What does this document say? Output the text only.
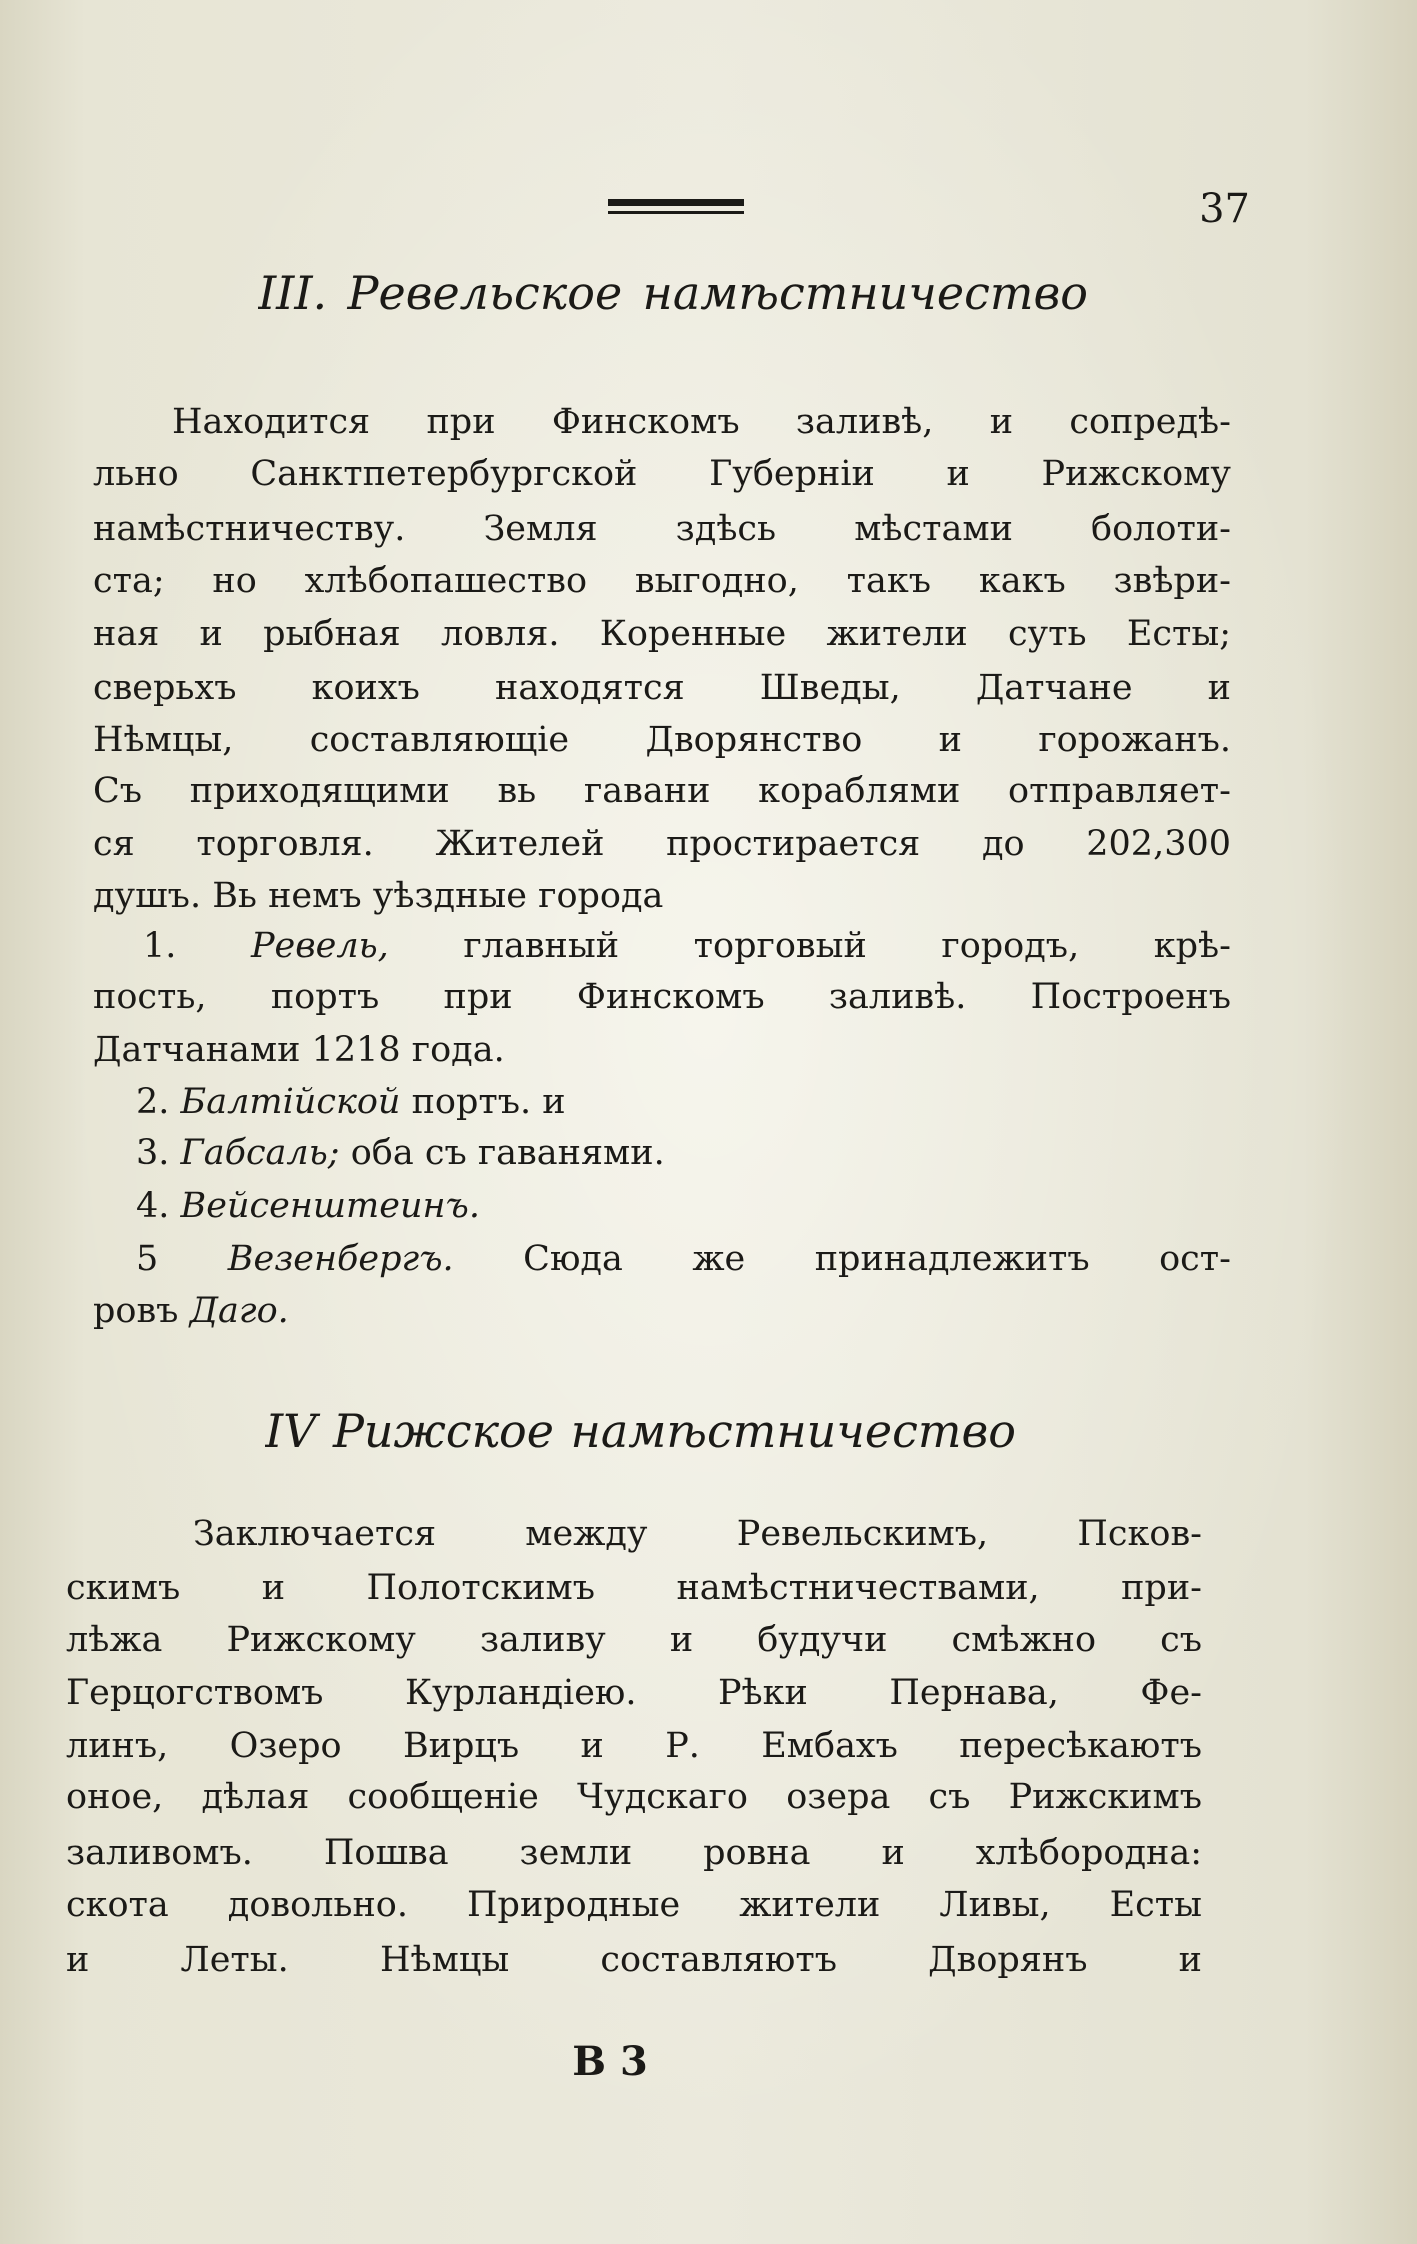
37
III. Ревельское намѣстничество
Находится при Финскомъ заливѣ, и сопредѣ-
льно Санктпетербургской Губерніи и Рижскому
намѣстничеству. Земля здѣсь мѣстами болоти-
ста; но хлѣбопашество выгодно, такъ какъ звѣри-
ная и рыбная ловля. Коренные жители суть Есты;
сверьхъ коихъ находятся Шведы, Датчане и
Нѣмцы, составляющіе Дворянство и горожанъ.
Съ приходящими вь гавани кораблями отправляет-
ся торговля. Жителей простирается до 202,300
душъ. Вь немъ уѣздные города
1. Ревель, главный торговый городъ, крѣ-
пость, портъ при Финскомъ заливѣ. Построенъ
Датчанами 1218 года.
2. Балтійской портъ. и
3. Габсаль; оба съ гаванями.
4. Вейсенштеинъ.
5 Везенбергъ. Сюда же принадлежитъ ост-
ровъ Даго.
IV Рижское намѣстничество
Заключается между Ревельскимъ, Псков-
скимъ и Полотскимъ намѣстничествами, при-
лѣжа Рижскому заливу и будучи смѣжно съ
Герцогствомъ Курландіею. Рѣки Пернава, Фе-
линъ, Озеро Вирцъ и Р. Ембахъ пересѣкаютъ
оное, дѣлая сообщеніе Чудскаго озера съ Рижскимъ
заливомъ. Пошва земли ровна и хлѣбородна:
скота довольно. Природные жители Ливы, Есты
и Леты. Нѣмцы составляютъ Дворянъ и
В 3
